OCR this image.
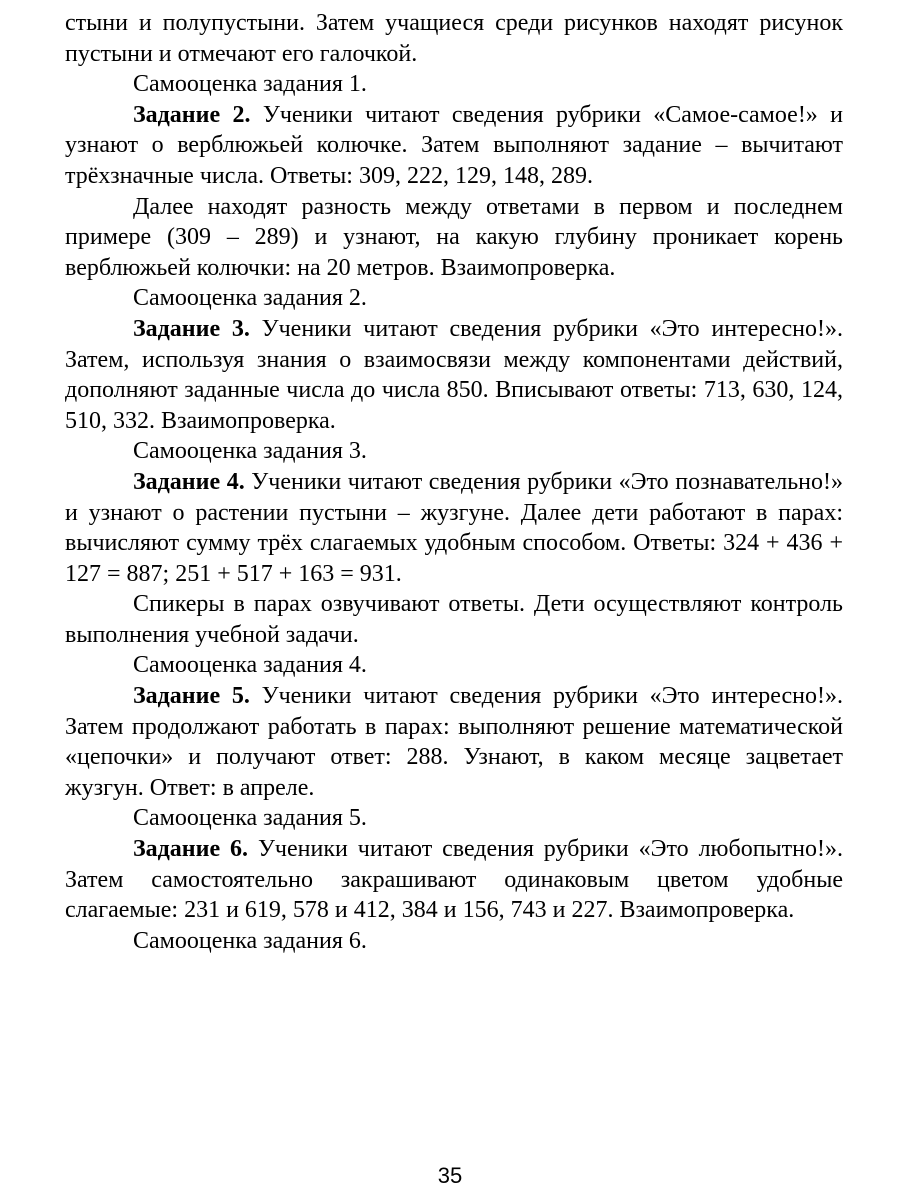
стыни и полупустыни. Затем учащиеся среди рисунков находят рисунок пустыни и отмечают его галочкой.

Самооценка задания 1.

Задание 2. Ученики читают сведения рубрики «Самое-самое!» и узнают о верблюжьей колючке. Затем выполняют задание – вычитают трёхзначные числа. Ответы: 309, 222, 129, 148, 289.

Далее находят разность между ответами в первом и последнем примере (309 – 289) и узнают, на какую глубину проникает корень верблюжьей колючки: на 20 метров. Взаимопроверка.

Самооценка задания 2.

Задание 3. Ученики читают сведения рубрики «Это интересно!». Затем, используя знания о взаимосвязи между компонентами действий, дополняют заданные числа до числа 850. Вписывают ответы: 713, 630, 124, 510, 332. Взаимопроверка.

Самооценка задания 3.

Задание 4. Ученики читают сведения рубрики «Это познавательно!» и узнают о растении пустыни – жузгуне. Далее дети работают в парах: вычисляют сумму трёх слагаемых удобным способом. Ответы: 324 + 436 + 127 = 887; 251 + 517 + 163 = 931.

Спикеры в парах озвучивают ответы. Дети осуществляют контроль выполнения учебной задачи.

Самооценка задания 4.

Задание 5. Ученики читают сведения рубрики «Это интересно!». Затем продолжают работать в парах: выполняют решение математической «цепочки» и получают ответ: 288. Узнают, в каком месяце зацветает жузгун. Ответ: в апреле.

Самооценка задания 5.

Задание 6. Ученики читают сведения рубрики «Это любопытно!». Затем самостоятельно закрашивают одинаковым цветом удобные слагаемые: 231 и 619, 578 и 412, 384 и 156, 743 и 227. Взаимопроверка.

Самооценка задания 6.

35
